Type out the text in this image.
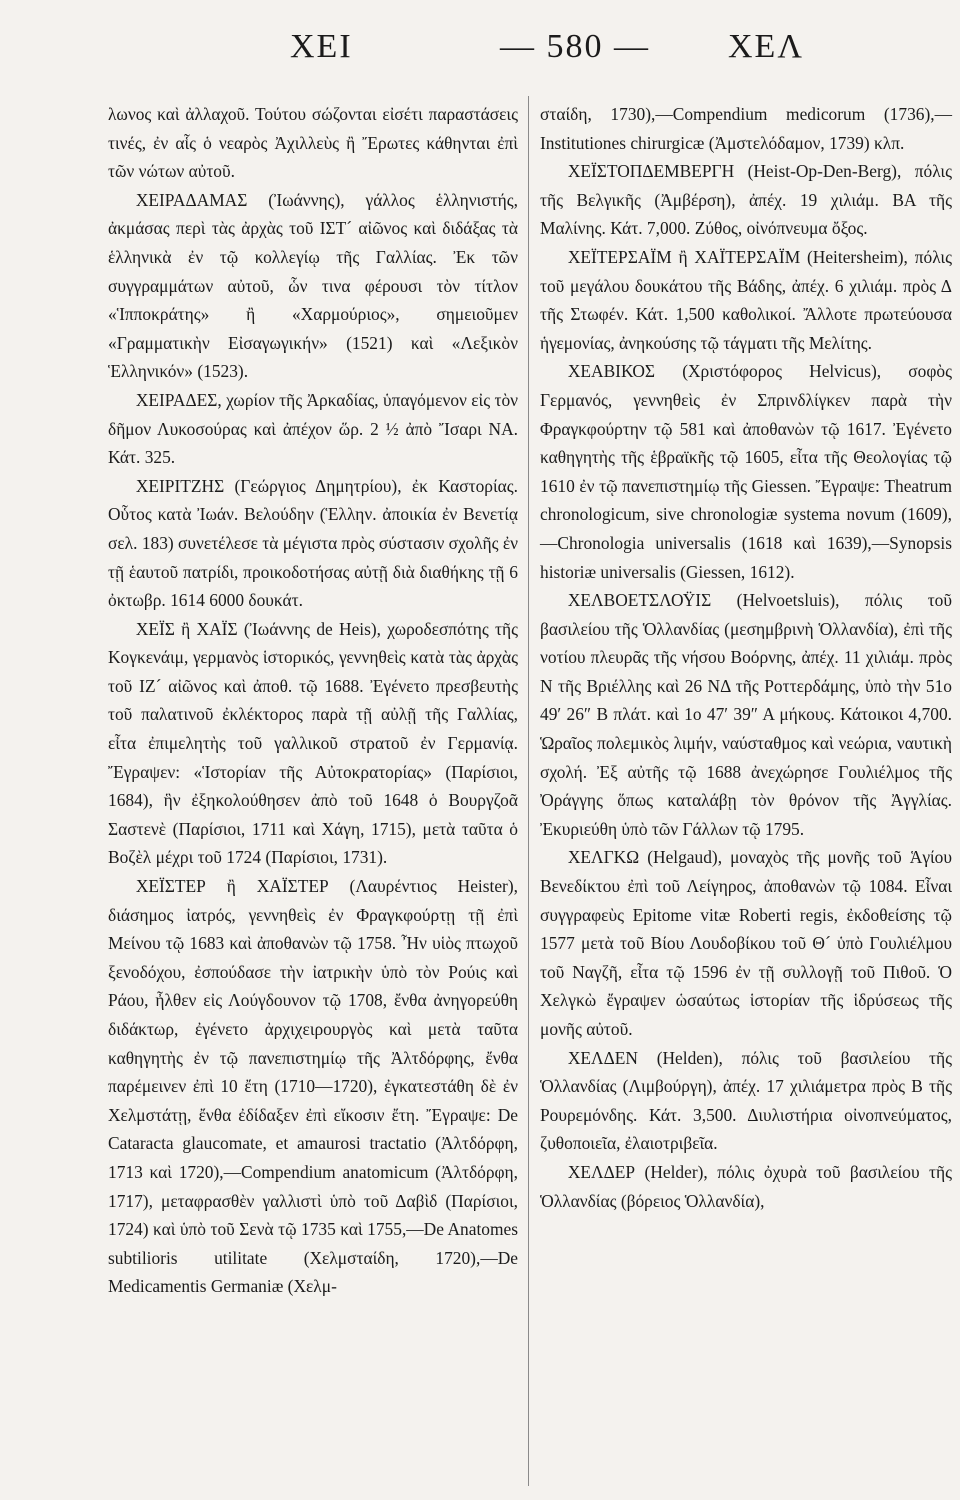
ΧΕΙ	— 580 — ΧΕΛ

λωνος καὶ ἀλλαχοῦ. Τούτου σώζονται εἰσέτι παραστάσεις τινές, ἐν αἷς ὁ νεαρὸς Ἀχιλλεὺς ἢ Ἔρωτες κάθηνται ἐπὶ τῶν νώτων αὐτοῦ.

ΧΕΙΡΑΔΑΜΑΣ (Ἰωάννης), γάλλος ἑλληνιστής, ἀκμάσας περὶ τὰς ἀρχὰς τοῦ ΙΣΤ´ αἰῶνος καὶ διδάξας τὰ ἑλληνικὰ ἐν τῷ κολλεγίῳ τῆς Γαλλίας. Ἐκ τῶν συγγραμμάτων αὐτοῦ, ὧν τινα φέρουσι τὸν τίτλον «Ἱπποκράτης» ἢ «Χαρμούριος», σημειοῦμεν «Γραμματικὴν Εἰσαγωγικήν» (1521) καὶ «Λεξικὸν Ἑλληνικόν» (1523).

ΧΕΙΡΑΔΕΣ, χωρίον τῆς Ἀρκαδίας, ὑπαγόμενον εἰς τὸν δῆμον Λυκοσούρας καὶ ἀπέχον ὥρ. 2 ½ ἀπὸ Ἴσαρι ΝΑ. Κάτ. 325.

ΧΕΙΡΙΤΖΗΣ (Γεώργιος Δημητρίου), ἐκ Καστορίας. Οὗτος κατὰ Ἰωάν. Βελούδην (Ἑλλην. ἀποικία ἐν Βενετίᾳ σελ. 183) συνετέλεσε τὰ μέγιστα πρὸς σύστασιν σχολῆς ἐν τῇ ἑαυτοῦ πατρίδι, προικοδοτήσας αὐτῇ διὰ διαθήκης τῇ 6 ὀκτωβρ. 1614 6000 δουκάτ.

ΧΕΪΣ ἢ ΧΑΪΣ (Ἰωάννης de Heis), χωροδεσπότης τῆς Κογκενάιμ, γερμανὸς ἱστορικός, γεννηθεὶς κατὰ τὰς ἀρχὰς τοῦ ΙΖ´ αἰῶνος καὶ ἀποθ. τῷ 1688. Ἐγένετο πρεσβευτὴς τοῦ παλατινοῦ ἐκλέκτορος παρὰ τῇ αὐλῇ τῆς Γαλλίας, εἶτα ἐπιμελητὴς τοῦ γαλλικοῦ στρατοῦ ἐν Γερμανίᾳ. Ἔγραψεν: «Ἱστορίαν τῆς Αὐτοκρατορίας» (Παρίσιοι, 1684), ἣν ἐξηκολούθησεν ἀπὸ τοῦ 1648 ὁ Βουργζοᾶ Σαστενὲ (Παρίσιοι, 1711 καὶ Χάγη, 1715), μετὰ ταῦτα ὁ Βοζὲλ μέχρι τοῦ 1724 (Παρίσιοι, 1731).

ΧΕΪΣΤΕΡ ἢ ΧΑΪΣΤΕΡ (Λαυρέντιος Heister), διάσημος ἰατρός, γεννηθεὶς ἐν Φραγκφούρτῃ τῇ ἐπὶ Μείνου τῷ 1683 καὶ ἀποθανὼν τῷ 1758. Ἦν υἱὸς πτωχοῦ ξενοδόχου, ἐσπούδασε τὴν ἰατρικὴν ὑπὸ τὸν Ρούις καὶ Ράου, ἦλθεν εἰς Λούγδουνον τῷ 1708, ἔνθα ἀνηγορεύθη διδάκτωρ, ἐγένετο ἀρχιχειρουργὸς καὶ μετὰ ταῦτα καθηγητὴς ἐν τῷ πανεπιστημίῳ τῆς Ἀλτδόρφης, ἔνθα παρέμεινεν ἐπὶ 10 ἔτη (1710—1720), ἐγκατεστάθη δὲ ἐν Χελμστάτῃ, ἔνθα ἐδίδαξεν ἐπὶ εἴκοσιν ἔτη. Ἔγραψε: De Cataracta glaucomate, et amaurosi tractatio (Ἀλτδόρφη, 1713 καὶ 1720),—Compendium anatomicum (Ἀλτδόρφη, 1717), μεταφρασθὲν γαλλιστὶ ὑπὸ τοῦ Δαβὶδ (Παρίσιοι, 1724) καὶ ὑπὸ τοῦ Σενὰ τῷ 1735 καὶ 1755,—De Anatomes subtilioris utilitate (Χελμσταίδη, 1720),—De Medicamentis Germaniæ (Χελμ-

σταίδη, 1730),—Compendium medicorum (1736),—Institutiones chirurgicæ (Ἀμστελόδαμον, 1739) κλπ.

ΧΕΪΣΤΟΠΔΕΜΒΕΡΓΗ (Heist-Op-Den-Berg), πόλις τῆς Βελγικῆς (Ἀμβέρση), ἀπέχ. 19 χιλιάμ. ΒΑ τῆς Μαλίνης. Κάτ. 7,000. Ζύθος, οἰνόπνευμα ὄξος.

ΧΕΪΤΕΡΣΑΪΜ ἢ ΧΑΪΤΕΡΣΑΪΜ (Heitersheim), πόλις τοῦ μεγάλου δουκάτου τῆς Βάδης, ἀπέχ. 6 χιλιάμ. πρὸς Δ τῆς Στωφέν. Κάτ. 1,500 καθολικοί. Ἄλλοτε πρωτεύουσα ἡγεμονίας, ἀνηκούσης τῷ τάγματι τῆς Μελίτης.

ΧΕΑΒΙΚΟΣ (Χριστόφορος Helvicus), σοφὸς Γερμανός, γεννηθεὶς ἐν Σπρινδλίγκεν παρὰ τὴν Φραγκφούρτην τῷ 581 καὶ ἀποθανὼν τῷ 1617. Ἐγένετο καθηγητὴς τῆς ἑβραϊκῆς τῷ 1605, εἶτα τῆς Θεολογίας τῷ 1610 ἐν τῷ πανεπιστημίῳ τῆς Giessen. Ἔγραψε: Theatrum chronologicum, sive chronologiæ systema novum (1609),—Chronologia universalis (1618 καὶ 1639),—Synopsis historiæ universalis (Giessen, 1612).

ΧΕΛΒΟΕΤΣΛΟΫΙΣ (Helvoetsluis), πόλις τοῦ βασιλείου τῆς Ὁλλανδίας (μεσημβρινὴ Ὁλλανδία), ἐπὶ τῆς νοτίου πλευρᾶς τῆς νήσου Βοόρνης, ἀπέχ. 11 χιλιάμ. πρὸς Ν τῆς Βριέλλης καὶ 26 ΝΔ τῆς Ροττερδάμης, ὑπὸ τὴν 51ο 49′ 26″ Β πλάτ. καὶ 1ο 47′ 39″ Α μήκους. Κάτοικοι 4,700. Ὡραῖος πολεμικὸς λιμήν, ναύσταθμος καὶ νεώρια, ναυτικὴ σχολή. Ἐξ αὐτῆς τῷ 1688 ἀνεχώρησε Γουλιέλμος τῆς Ὀράγγης ὅπως καταλάβῃ τὸν θρόνον τῆς Ἀγγλίας. Ἐκυριεύθη ὑπὸ τῶν Γάλλων τῷ 1795.

ΧΕΛΓΚΩ (Helgaud), μοναχὸς τῆς μονῆς τοῦ Ἁγίου Βενεδίκτου ἐπὶ τοῦ Λείγηρος, ἀποθανὼν τῷ 1084. Εἶναι συγγραφεὺς Epitome vitæ Roberti regis, ἐκδοθείσης τῷ 1577 μετὰ τοῦ Βίου Λουδοβίκου τοῦ Θ´ ὑπὸ Γουλιέλμου τοῦ Ναγζῆ, εἶτα τῷ 1596 ἐν τῇ συλλογῇ τοῦ Πιθοῦ. Ὁ Χελγκὼ ἔγραψεν ὡσαύτως ἱστορίαν τῆς ἱδρύσεως τῆς μονῆς αὐτοῦ.

ΧΕΛΔΕΝ (Helden), πόλις τοῦ βασιλείου τῆς Ὁλλανδίας (Λιμβούργη), ἀπέχ. 17 χιλιάμετρα πρὸς Β τῆς Ρουρεμόνδης. Κάτ. 3,500. Διυλιστήρια οἰνοπνεύματος, ζυθοποιεῖα, ἐλαιοτριβεῖα.

ΧΕΛΔΕΡ (Helder), πόλις ὀχυρὰ τοῦ βασιλείου τῆς Ὁλλανδίας (βόρειος Ὁλλανδία),
